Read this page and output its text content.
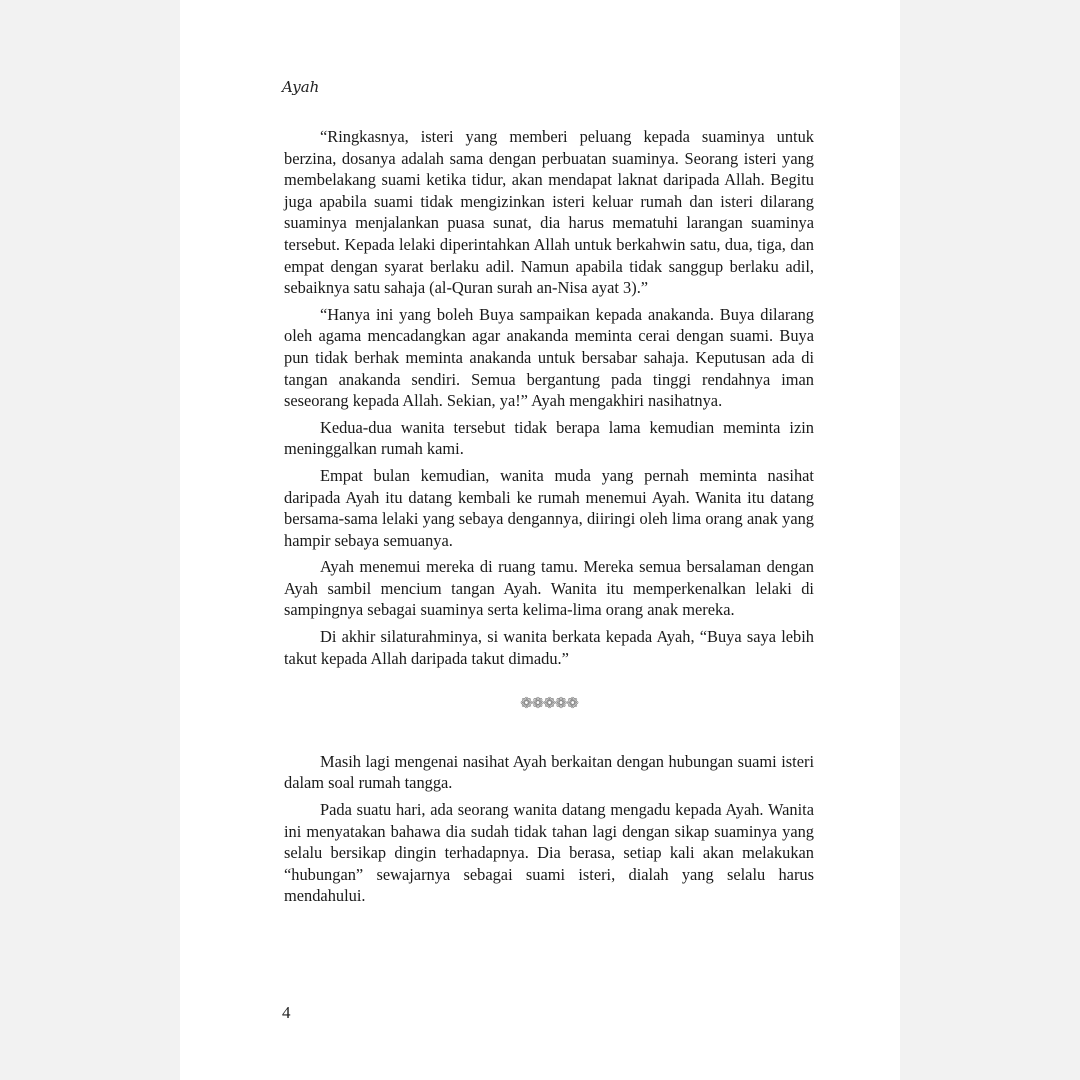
Ayah

“Ringkasnya, isteri yang memberi peluang kepada suaminya untuk berzina, dosanya adalah sama dengan perbuatan suaminya. Seorang isteri yang membelakang suami ketika tidur, akan mendapat laknat daripada Allah. Begitu juga apabila suami tidak mengizinkan isteri keluar rumah dan isteri dilarang suaminya menjalankan puasa sunat, dia harus mematuhi larangan suaminya tersebut. Kepada lelaki diperintahkan Allah untuk berkahwin satu, dua, tiga, dan empat dengan syarat berlaku adil. Namun apabila tidak sanggup berlaku adil, sebaiknya satu sahaja (al-Quran surah an-Nisa ayat 3).”

“Hanya ini yang boleh Buya sampaikan kepada anakanda. Buya dilarang oleh agama mencadangkan agar anakanda meminta cerai dengan suami. Buya pun tidak berhak meminta anakanda untuk bersabar sahaja. Keputusan ada di tangan anakanda sendiri. Semua bergantung pada tinggi rendahnya iman seseorang kepada Allah. Sekian, ya!” Ayah mengakhiri nasihatnya.

Kedua-dua wanita tersebut tidak berapa lama kemudian meminta izin meninggalkan rumah kami.

Empat bulan kemudian, wanita muda yang pernah meminta nasihat daripada Ayah itu datang kembali ke rumah menemui Ayah. Wanita itu datang bersama-sama lelaki yang sebaya dengannya, diiringi oleh lima orang anak yang hampir sebaya semuanya.

Ayah menemui mereka di ruang tamu. Mereka semua bersalaman dengan Ayah sambil mencium tangan Ayah. Wanita itu memperkenalkan lelaki di sampingnya sebagai suaminya serta kelima-lima orang anak mereka.

Di akhir silaturahminya, si wanita berkata kepada Ayah, “Buya saya lebih takut kepada Allah daripada takut dimadu.”

❁❁❁❁❁

Masih lagi mengenai nasihat Ayah berkaitan dengan hubungan suami isteri dalam soal rumah tangga.

Pada suatu hari, ada seorang wanita datang mengadu kepada Ayah. Wanita ini menyatakan bahawa dia sudah tidak tahan lagi dengan sikap suaminya yang selalu bersikap dingin terhadapnya. Dia berasa, setiap kali akan melakukan “hubungan” sewajarnya sebagai suami isteri, dialah yang selalu harus mendahului.

4
